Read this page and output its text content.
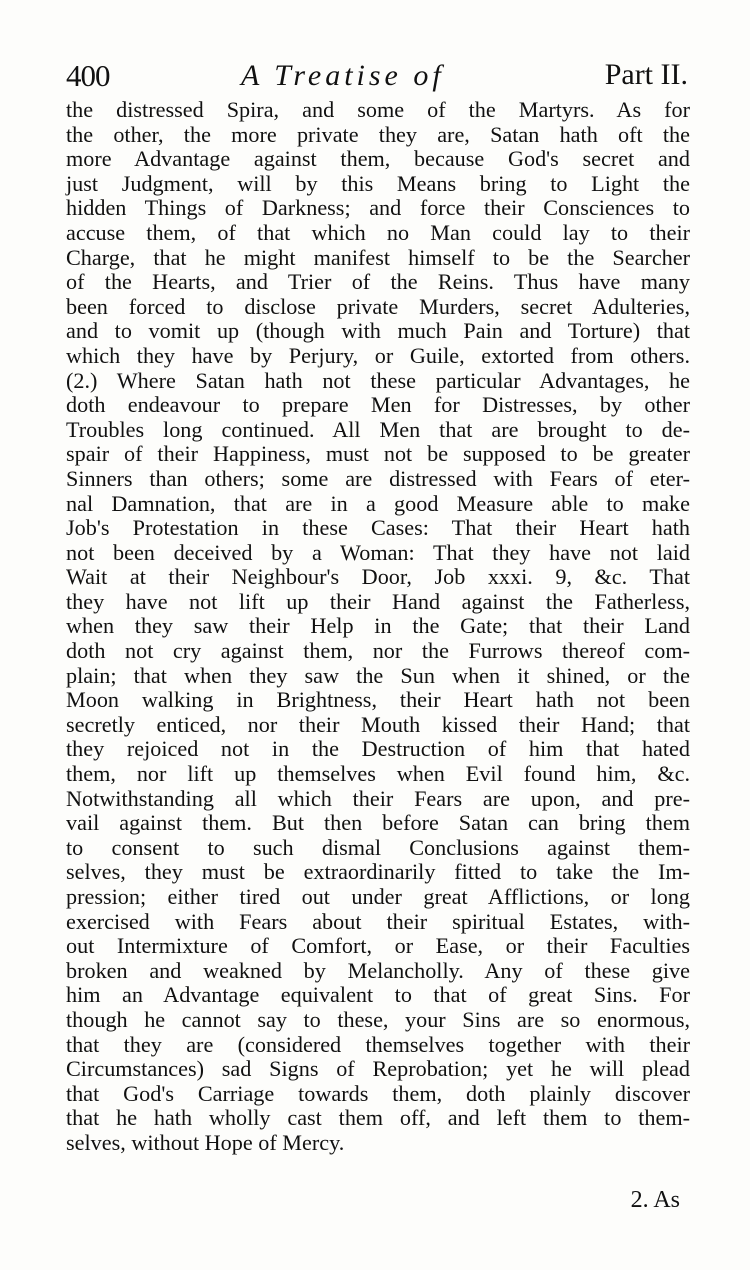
400	A Treatise of	Part II.
the distressed Spira, and some of the Martyrs. As for
the other, the more private they are, Satan hath oft the
more Advantage against them, because God's secret and
just Judgment, will by this Means bring to Light the
hidden Things of Darkness; and force their Consciences to
accuse them, of that which no Man could lay to their
Charge, that he might manifest himself to be the Searcher
of the Hearts, and Trier of the Reins. Thus have many
been forced to disclose private Murders, secret Adulteries,
and to vomit up (though with much Pain and Torture) that
which they have by Perjury, or Guile, extorted from others.
(2.) Where Satan hath not these particular Advantages, he
doth endeavour to prepare Men for Distresses, by other
Troubles long continued. All Men that are brought to de-
spair of their Happiness, must not be supposed to be greater
Sinners than others; some are distressed with Fears of eter-
nal Damnation, that are in a good Measure able to make
Job's Protestation in these Cases: That their Heart hath
not been deceived by a Woman: That they have not laid
Wait at their Neighbour's Door, Job xxxi. 9, &c. That
they have not lift up their Hand against the Fatherless,
when they saw their Help in the Gate; that their Land
doth not cry against them, nor the Furrows thereof com-
plain; that when they saw the Sun when it shined, or the
Moon walking in Brightness, their Heart hath not been
secretly enticed, nor their Mouth kissed their Hand; that
they rejoiced not in the Destruction of him that hated
them, nor lift up themselves when Evil found him, &c.
Notwithstanding all which their Fears are upon, and pre-
vail against them. But then before Satan can bring them
to consent to such dismal Conclusions against them-
selves, they must be extraordinarily fitted to take the Im-
pression; either tired out under great Afflictions, or long
exercised with Fears about their spiritual Estates, with-
out Intermixture of Comfort, or Ease, or their Faculties
broken and weakned by Melancholly. Any of these give
him an Advantage equivalent to that of great Sins. For
though he cannot say to these, your Sins are so enormous,
that they are (considered themselves together with their
Circumstances) sad Signs of Reprobation; yet he will plead
that God's Carriage towards them, doth plainly discover
that he hath wholly cast them off, and left them to them-
selves, without Hope of Mercy.
2. As
